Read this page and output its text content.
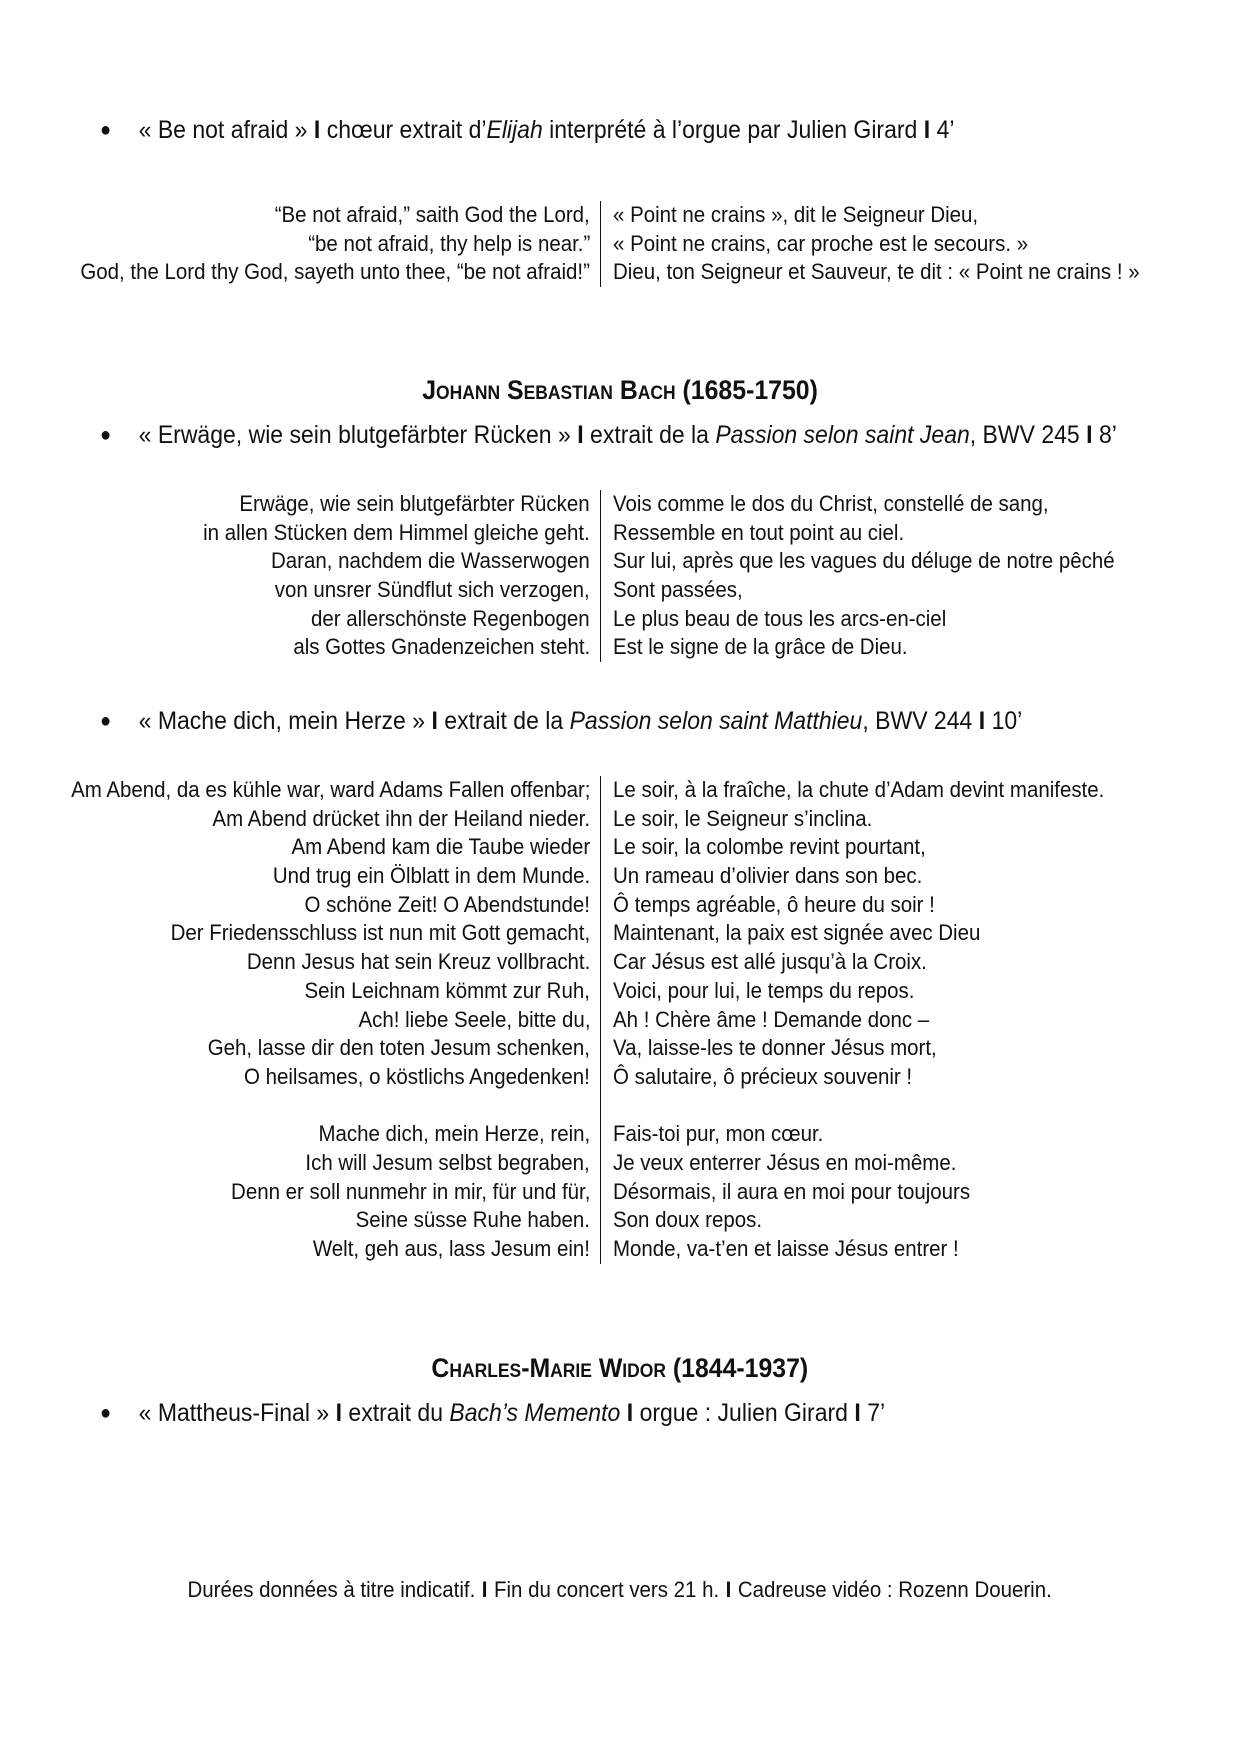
● « Be not afraid » I chœur extrait d’Elijah interprété à l’orgue par Julien Girard I 4’
“Be not afraid,” saith God the Lord,	« Point ne crains », dit le Seigneur Dieu,
“be not afraid, thy help is near.”	« Point ne crains, car proche est le secours. »
God, the Lord thy God, sayeth unto thee, “be not afraid!”	Dieu, ton Seigneur et Sauveur, te dit : « Point ne crains ! »
Johann Sebastian Bach (1685-1750)
● « Erwäge, wie sein blutgefärbter Rücken » I extrait de la Passion selon saint Jean, BWV 245 I 8’
Erwäge, wie sein blutgefärbter Rücken	Vois comme le dos du Christ, constellé de sang,
in allen Stücken dem Himmel gleiche geht.	Ressemble en tout point au ciel.
Daran, nachdem die Wasserwogen	Sur lui, après que les vagues du déluge de notre pêché
von unsrer Sündflut sich verzogen,	Sont passées,
der allerschönste Regenbogen	Le plus beau de tous les arcs-en-ciel
als Gottes Gnadenzeichen steht.	Est le signe de la grâce de Dieu.
● « Mache dich, mein Herze » I extrait de la Passion selon saint Matthieu, BWV 244 I 10’
Am Abend, da es kühle war, ward Adams Fallen offenbar;	Le soir, à la fraîche, la chute d’Adam devint manifeste.
Am Abend drücket ihn der Heiland nieder.	Le soir, le Seigneur s’inclina.
Am Abend kam die Taube wieder	Le soir, la colombe revint pourtant,
Und trug ein Ölblatt in dem Munde.	Un rameau d’olivier dans son bec.
O schöne Zeit! O Abendstunde!	Ô temps agréable, ô heure du soir !
Der Friedensschluss ist nun mit Gott gemacht,	Maintenant, la paix est signée avec Dieu
Denn Jesus hat sein Kreuz vollbracht.	Car Jésus est allé jusqu’à la Croix.
Sein Leichnam kömmt zur Ruh,	Voici, pour lui, le temps du repos.
Ach! liebe Seele, bitte du,	Ah ! Chère âme ! Demande donc –
Geh, lasse dir den toten Jesum schenken,	Va, laisse-les te donner Jésus mort,
O heilsames, o köstlichs Angedenken!	Ô salutaire, ô précieux souvenir !
Mache dich, mein Herze, rein,	Fais-toi pur, mon cœur.
Ich will Jesum selbst begraben,	Je veux enterrer Jésus en moi-même.
Denn er soll nunmehr in mir, für und für,	Désormais, il aura en moi pour toujours
Seine süsse Ruhe haben.	Son doux repos.
Welt, geh aus, lass Jesum ein!	Monde, va-t’en et laisse Jésus entrer !
Charles-Marie Widor (1844-1937)
● « Mattheus-Final » I extrait du Bach’s Memento I orgue : Julien Girard I 7’
Durées données à titre indicatif. I Fin du concert vers 21 h. I Cadreuse vidéo : Rozenn Douerin.
